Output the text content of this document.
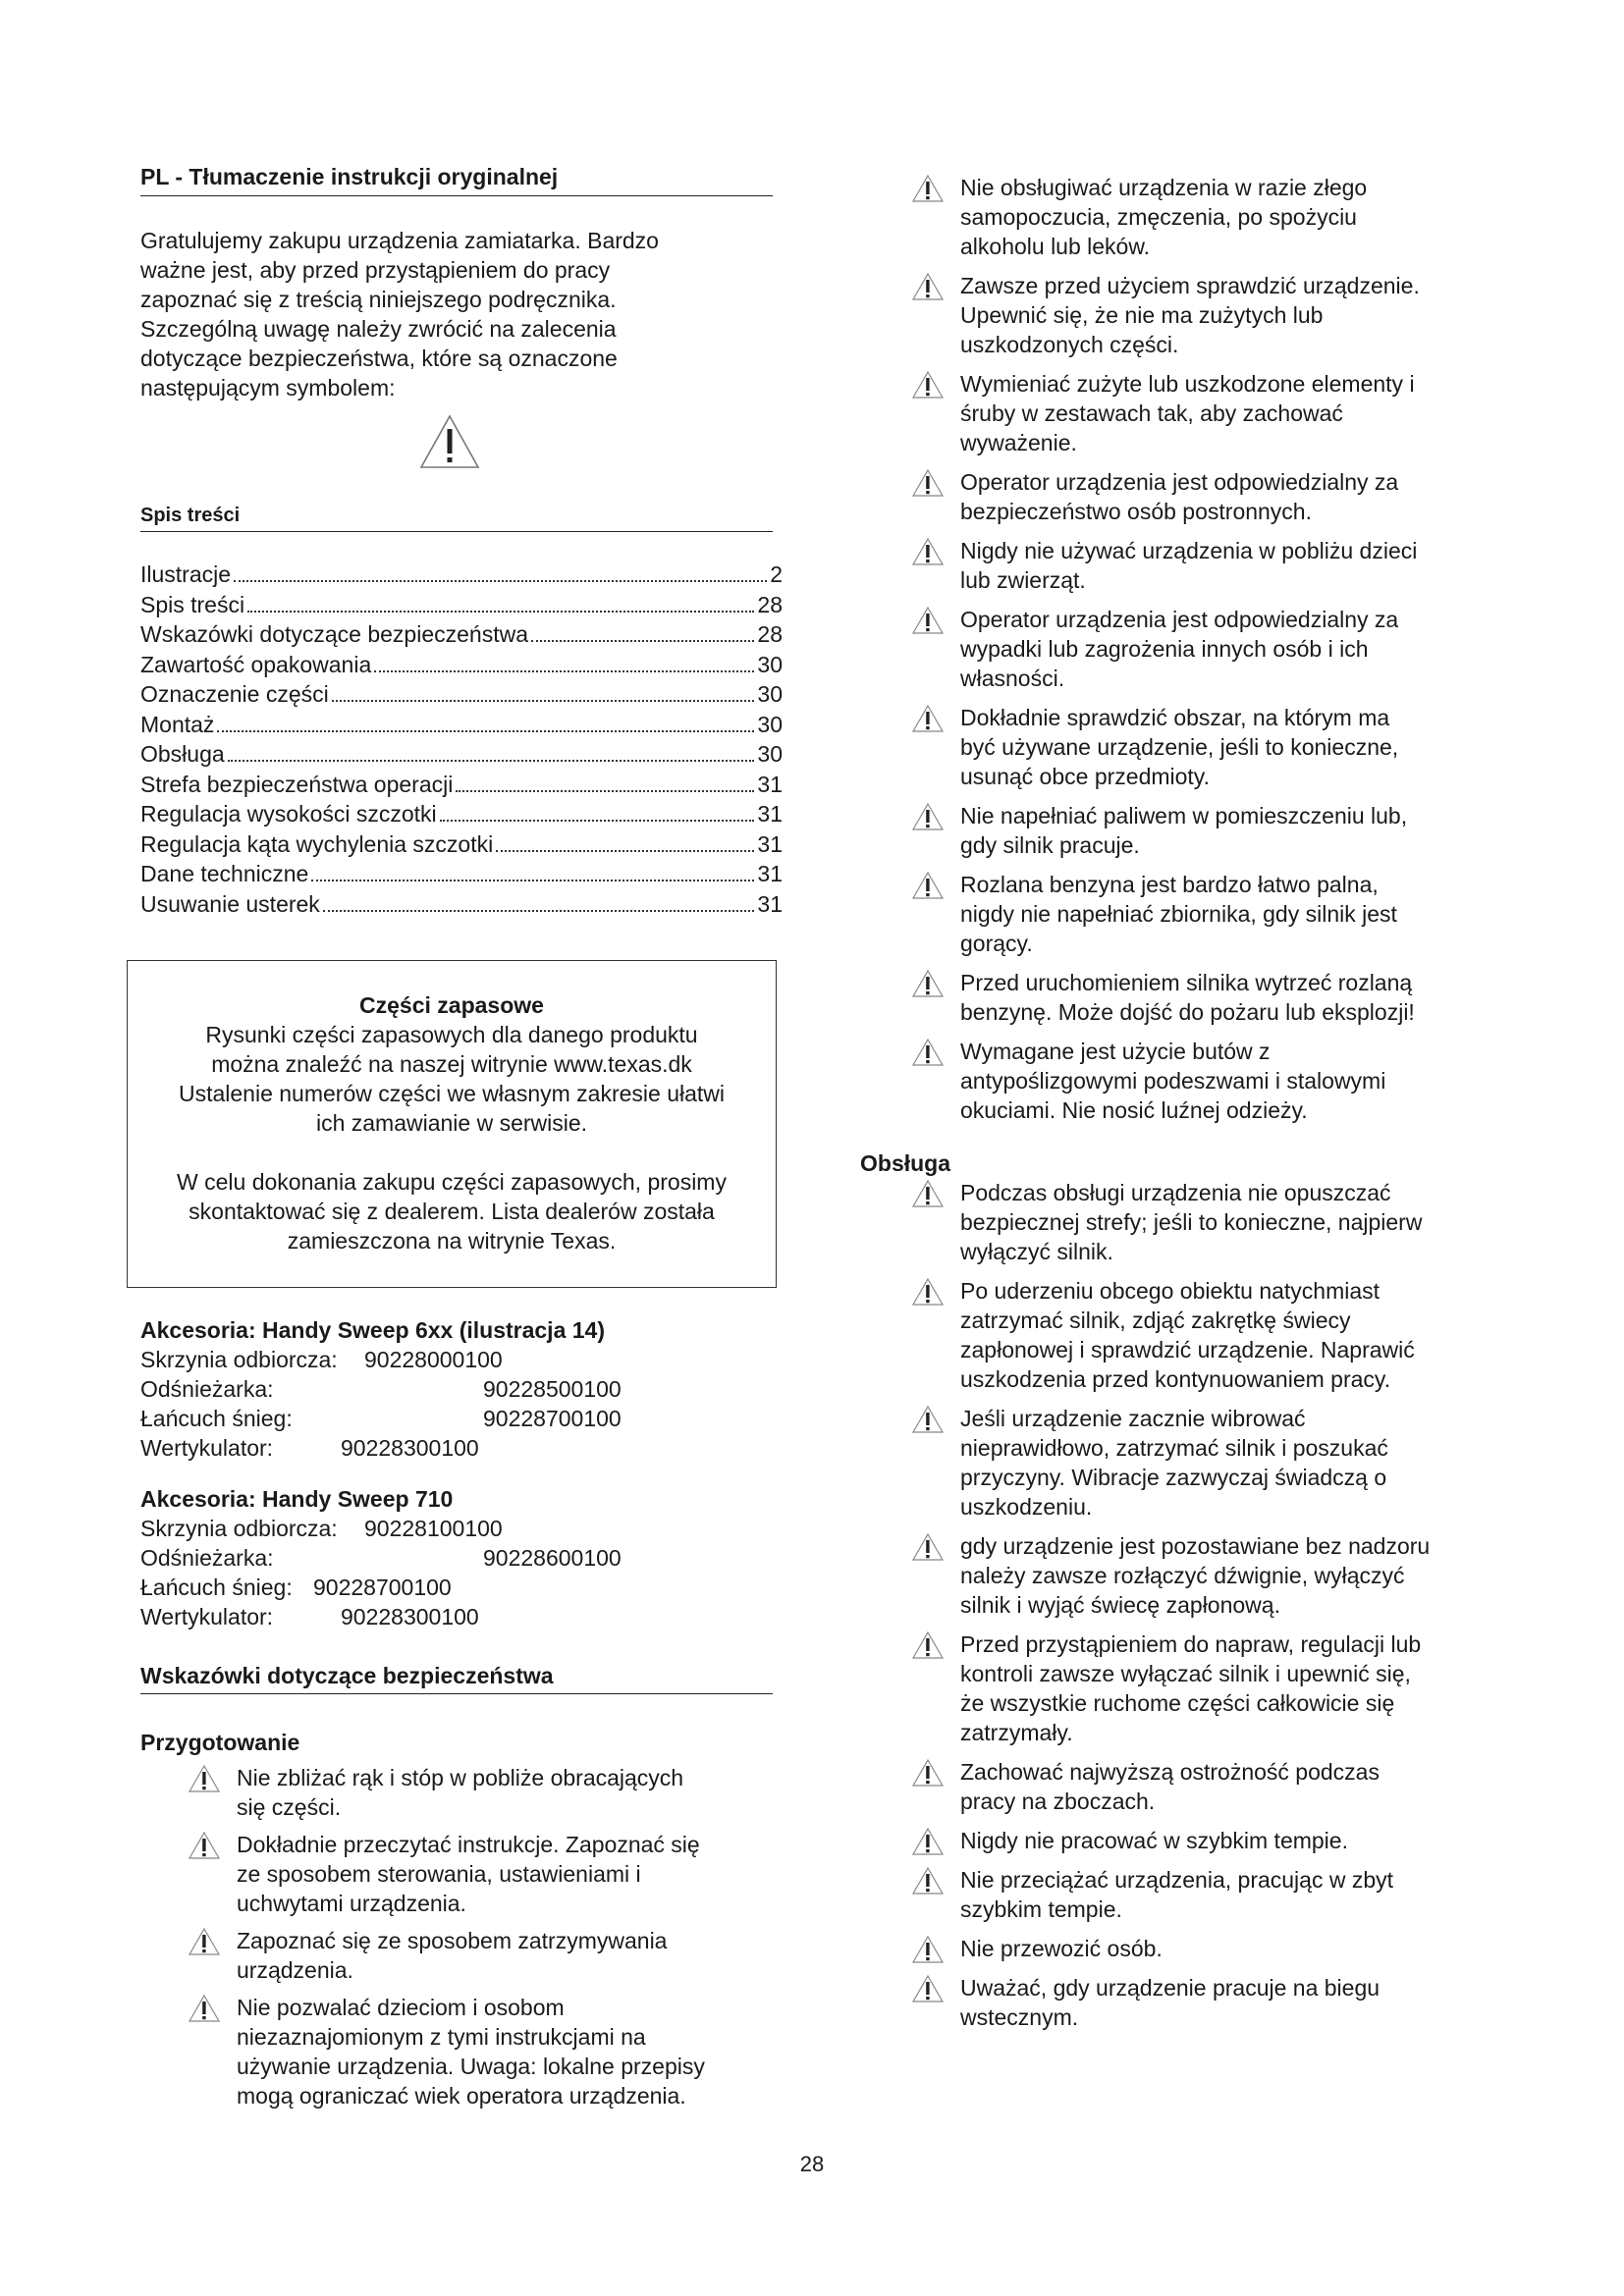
PL - Tłumaczenie instrukcji oryginalnej
Gratulujemy zakupu urządzenia zamiatarka. Bardzo
ważne jest, aby przed przystąpieniem do pracy
zapoznać się z treścią niniejszego podręcznika.
Szczególną uwagę należy zwrócić na zalecenia
dotyczące bezpieczeństwa, które są oznaczone
następującym symbolem:
Spis treści
Ilustracje	2
Spis treści	28
Wskazówki dotyczące bezpieczeństwa	28
Zawartość opakowania	30
Oznaczenie części	30
Montaż	30
Obsługa	30
Strefa bezpieczeństwa operacji	31
Regulacja wysokości szczotki	31
Regulacja kąta wychylenia szczotki	31
Dane techniczne	31
Usuwanie usterek	31
Części zapasowe
Rysunki części zapasowych dla danego produktu
można znaleźć na naszej witrynie www.texas.dk
Ustalenie numerów części we własnym zakresie ułatwi
ich zamawianie w serwisie.
W celu dokonania zakupu części zapasowych, prosimy
skontaktować się z dealerem. Lista dealerów została
zamieszczona na witrynie Texas.
Akcesoria: Handy Sweep 6xx (ilustracja 14)
Skrzynia odbiorcza:	90228000100
Odśnieżarka:	90228500100
Łańcuch śnieg:	90228700100
Wertykulator:	90228300100
Akcesoria: Handy Sweep 710
Skrzynia odbiorcza:	90228100100
Odśnieżarka:	90228600100
Łańcuch śnieg: 90228700100
Wertykulator:	90228300100
Wskazówki dotyczące bezpieczeństwa
Przygotowanie
Nie zbliżać rąk i stóp w pobliże obracających
się części.
Dokładnie przeczytać instrukcje. Zapoznać się
ze sposobem sterowania, ustawieniami i
uchwytami urządzenia.
Zapoznać się ze sposobem zatrzymywania
urządzenia.
Nie pozwalać dzieciom i osobom
niezaznajomionym z tymi instrukcjami na
używanie urządzenia. Uwaga: lokalne przepisy
mogą ograniczać wiek operatora urządzenia.
Nie obsługiwać urządzenia w razie złego
samopoczucia, zmęczenia, po spożyciu
alkoholu lub leków.
Zawsze przed użyciem sprawdzić urządzenie.
Upewnić się, że nie ma zużytych lub
uszkodzonych części.
Wymieniać zużyte lub uszkodzone elementy i
śruby w zestawach tak, aby zachować
wyważenie.
Operator urządzenia jest odpowiedzialny za
bezpieczeństwo osób postronnych.
Nigdy nie używać urządzenia w pobliżu dzieci
lub zwierząt.
Operator urządzenia jest odpowiedzialny za
wypadki lub zagrożenia innych osób i ich
własności.
Dokładnie sprawdzić obszar, na którym ma
być używane urządzenie, jeśli to konieczne,
usunąć obce przedmioty.
Nie napełniać paliwem w pomieszczeniu lub,
gdy silnik pracuje.
Rozlana benzyna jest bardzo łatwo palna,
nigdy nie napełniać zbiornika, gdy silnik jest
gorący.
Przed uruchomieniem silnika wytrzeć rozlaną
benzynę. Może dojść do pożaru lub eksplozji!
Wymagane jest użycie butów z
antypoślizgowymi podeszwami i stalowymi
okuciami. Nie nosić luźnej odzieży.
Obsługa
Podczas obsługi urządzenia nie opuszczać
bezpiecznej strefy; jeśli to konieczne, najpierw
wyłączyć silnik.
Po uderzeniu obcego obiektu natychmiast
zatrzymać silnik, zdjąć zakrętkę świecy
zapłonowej i sprawdzić urządzenie. Naprawić
uszkodzenia przed kontynuowaniem pracy.
Jeśli urządzenie zacznie wibrować
nieprawidłowo, zatrzymać silnik i poszukać
przyczyny. Wibracje zazwyczaj świadczą o
uszkodzeniu.
gdy urządzenie jest pozostawiane bez nadzoru
należy zawsze rozłączyć dźwignie, wyłączyć
silnik i wyjąć świecę zapłonową.
Przed przystąpieniem do napraw, regulacji lub
kontroli zawsze wyłączać silnik i upewnić się,
że wszystkie ruchome części całkowicie się
zatrzymały.
Zachować najwyższą ostrożność podczas
pracy na zboczach.
Nigdy nie pracować w szybkim tempie.
Nie przeciążać urządzenia, pracując w zbyt
szybkim tempie.
Nie przewozić osób.
Uważać, gdy urządzenie pracuje na biegu
wstecznym.
28
